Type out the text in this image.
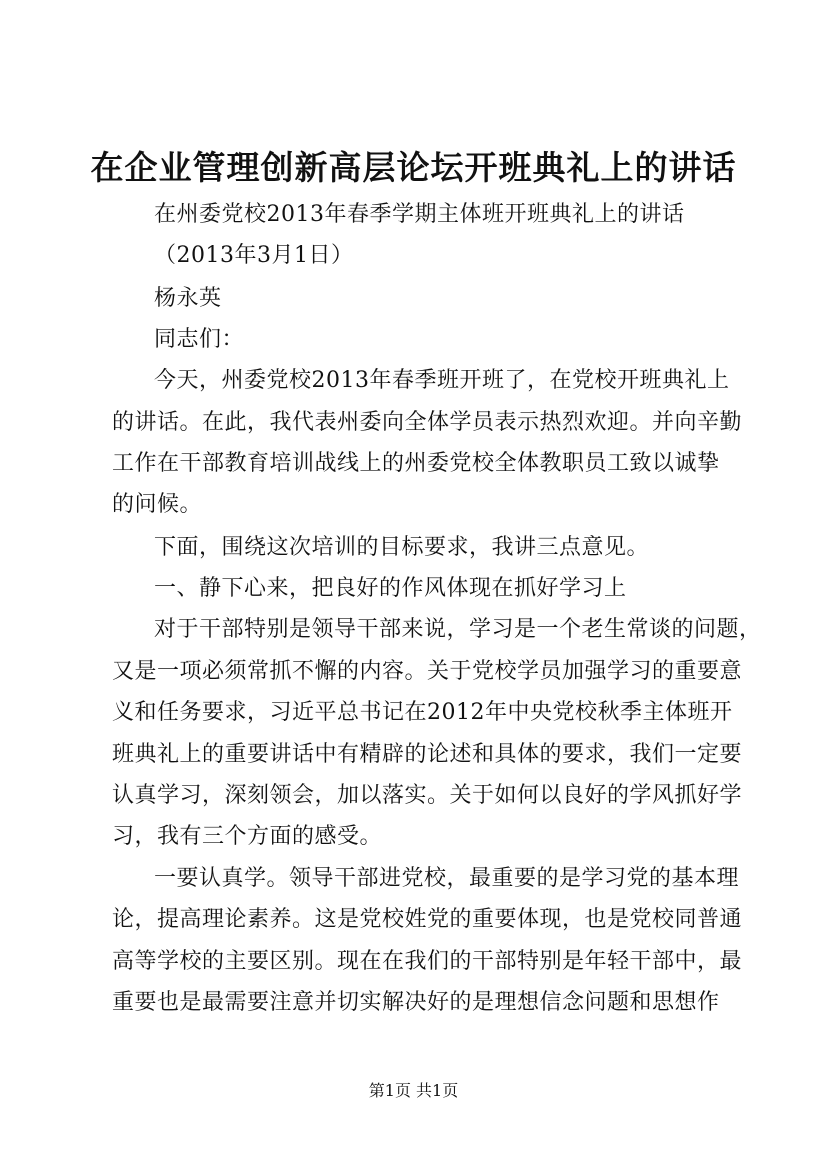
在企业管理创新高层论坛开班典礼上的讲话
在州委党校2013年春季学期主体班开班典礼上的讲话
（2013年3月1日）
杨永英
同志们：
今天，州委党校2013年春季班开班了，在党校开班典礼上
的讲话。在此，我代表州委向全体学员表示热烈欢迎。并向辛勤
工作在干部教育培训战线上的州委党校全体教职员工致以诚挚
的问候。
下面，围绕这次培训的目标要求，我讲三点意见。
一、静下心来，把良好的作风体现在抓好学习上
对于干部特别是领导干部来说，学习是一个老生常谈的问题，
又是一项必须常抓不懈的内容。关于党校学员加强学习的重要意
义和任务要求，习近平总书记在2012年中央党校秋季主体班开
班典礼上的重要讲话中有精辟的论述和具体的要求，我们一定要
认真学习，深刻领会，加以落实。关于如何以良好的学风抓好学
习，我有三个方面的感受。
一要认真学。领导干部进党校，最重要的是学习党的基本理
论，提高理论素养。这是党校姓党的重要体现，也是党校同普通
高等学校的主要区别。现在在我们的干部特别是年轻干部中，最
重要也是最需要注意并切实解决好的是理想信念问题和思想作
第1页 共1页
